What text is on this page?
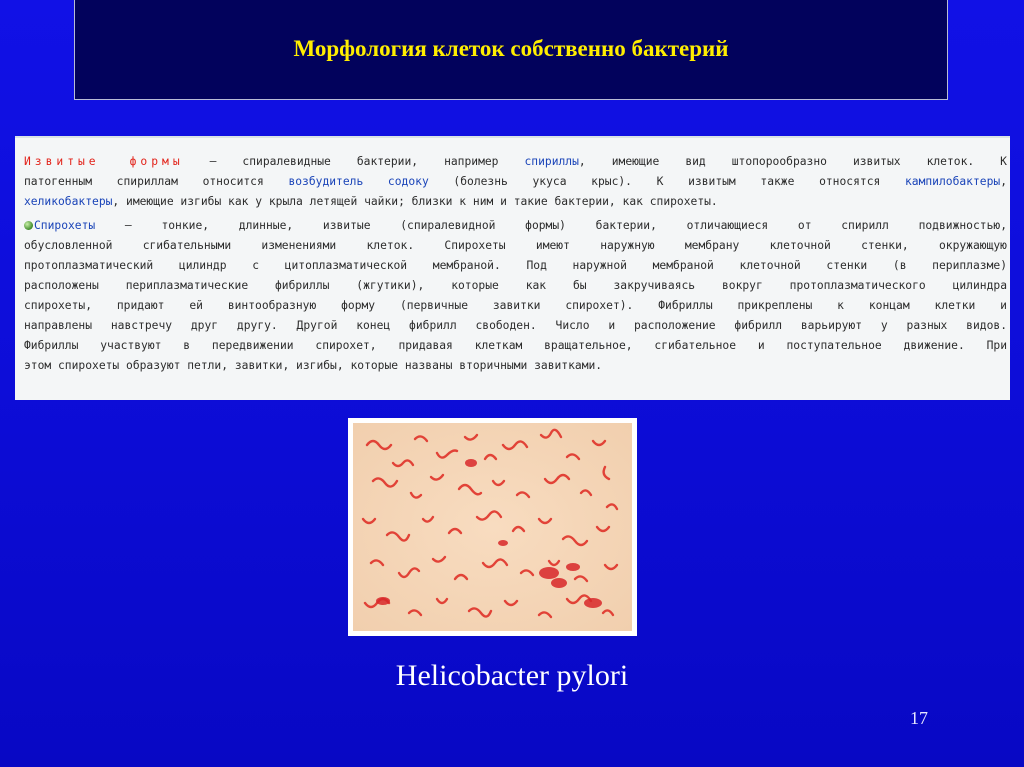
Морфология клеток собственно бактерий
Извитые формы – спиралевидные бактерии, например спириллы, имеющие вид штопорообразно извитых клеток. К
патогенным спириллам относится возбудитель содоку (болезнь укуса крыс). К извитым также относятся кампилобактеры,
хеликобактеры, имеющие изгибы как у крыла летящей чайки; близки к ним и такие бактерии, как спирохеты.
Спирохеты – тонкие, длинные, извитые (спиралевидной формы) бактерии, отличающиеся от спирилл подвижностью,
обусловленной сгибательными изменениями клеток. Спирохеты имеют наружную мембрану клеточной стенки, окружающую
протоплазматический цилиндр с цитоплазматической мембраной. Под наружной мембраной клеточной стенки (в периплазме)
расположены периплазматические фибриллы (жгутики), которые как бы закручиваясь вокруг протоплазматического цилиндра
спирохеты, придают ей винтообразную форму (первичные завитки спирохет). Фибриллы прикреплены к концам клетки и
направлены навстречу друг другу. Другой конец фибрилл свободен. Число и расположение фибрилл варьируют у разных видов.
Фибриллы участвуют в передвижении спирохет, придавая клеткам вращательное, сгибательное и поступательное движение. При
этом спирохеты образуют петли, завитки, изгибы, которые названы вторичными завитками.
Helicobacter pylori
17
